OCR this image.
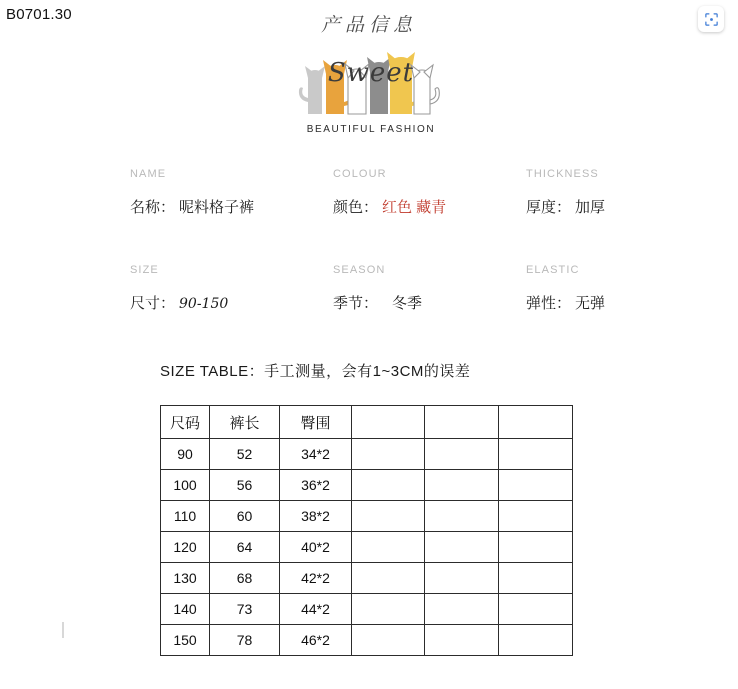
B0701.30	产品信息
Sweet
BEAUTIFUL FASHION
NAME
名称： 呢料格子裤
COLOUR
颜色： 红色 藏青
THICKNESS
厚度： 加厚
SIZE
尺寸： 90-150
SEASON
季节： 冬季
ELASTIC
弹性： 无弹
SIZE TABLE：手工测量，会有1~3CM的误差
尺码	裤长	臀围			
90	52	34*2			
100	56	36*2			
110	60	38*2			
120	64	40*2			
130	68	42*2			
140	73	44*2			
150	78	46*2			
